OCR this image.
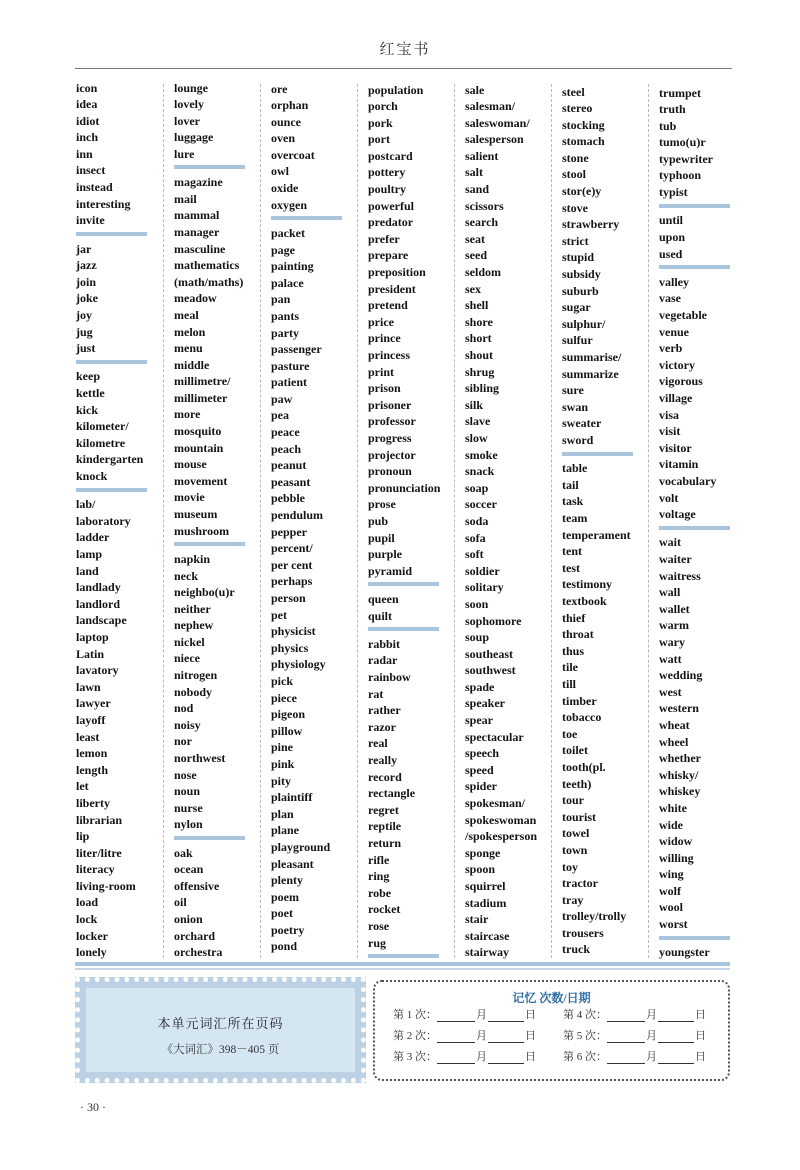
红宝书
icon
idea
idiot
inch
inn
insect
instead
interesting
invite
jar
jazz
join
joke
joy
jug
just
keep
kettle
kick
kilometer/
kilometre
kindergarten
knock
lab/
laboratory
ladder
lamp
land
landlady
landlord
landscape
laptop
Latin
lavatory
lawn
lawyer
layoff
least
lemon
length
let
liberty
librarian
lip
liter/litre
literacy
living-room
load
lock
locker
lonely
lounge
lovely
lover
luggage
lure
magazine
mail
mammal
manager
masculine
mathematics
(math/maths)
meadow
meal
melon
menu
middle
millimetre/
millimeter
more
mosquito
mountain
mouse
movement
movie
museum
mushroom
napkin
neck
neighbo(u)r
neither
nephew
nickel
niece
nitrogen
nobody
nod
noisy
nor
northwest
nose
noun
nurse
nylon
oak
ocean
offensive
oil
onion
orchard
orchestra
ore
orphan
ounce
oven
overcoat
owl
oxide
oxygen
packet
page
painting
palace
pan
pants
party
passenger
pasture
patient
paw
pea
peace
peach
peanut
peasant
pebble
pendulum
pepper
percent/
per cent
perhaps
person
pet
physicist
physics
physiology
pick
piece
pigeon
pillow
pine
pink
pity
plaintiff
plan
plane
playground
pleasant
plenty
poem
poet
poetry
pond
population
porch
pork
port
postcard
pottery
poultry
powerful
predator
prefer
prepare
preposition
president
pretend
price
prince
princess
print
prison
prisoner
professor
progress
projector
pronoun
pronunciation
prose
pub
pupil
purple
pyramid
queen
quilt
rabbit
radar
rainbow
rat
rather
razor
real
really
record
rectangle
regret
reptile
return
rifle
ring
robe
rocket
rose
rug
sale
salesman/
saleswoman/
salesperson
salient
salt
sand
scissors
search
seat
seed
seldom
sex
shell
shore
short
shout
shrug
sibling
silk
slave
slow
smoke
snack
soap
soccer
soda
sofa
soft
soldier
solitary
soon
sophomore
soup
southeast
southwest
spade
speaker
spear
spectacular
speech
speed
spider
spokesman/
spokeswoman
/spokesperson
sponge
spoon
squirrel
stadium
stair
staircase
stairway
steel
stereo
stocking
stomach
stone
stool
stor(e)y
stove
strawberry
strict
stupid
subsidy
suburb
sugar
sulphur/
sulfur
summarise/
summarize
sure
swan
sweater
sword
table
tail
task
team
temperament
tent
test
testimony
textbook
thief
throat
thus
tile
till
timber
tobacco
toe
toilet
tooth(pl.
teeth)
tour
tourist
towel
town
toy
tractor
tray
trolley/trolly
trousers
truck
trumpet
truth
tub
tumo(u)r
typewriter
typhoon
typist
until
upon
used
valley
vase
vegetable
venue
verb
victory
vigorous
village
visa
visit
visitor
vitamin
vocabulary
volt
voltage
wait
waiter
waitress
wall
wallet
warm
wary
watt
wedding
west
western
wheat
wheel
whether
whisky/
whiskey
white
wide
widow
willing
wing
wolf
wool
worst
youngster
本单元词汇所在页码
《大词汇》398－405 页
记忆 次数/日期
第 1 次：	月	日 第 4 次：	月	日
第 2 次：	月	日 第 5 次：	月	日
第 3 次：	月	日 第 6 次：	月	日
· 30 ·
